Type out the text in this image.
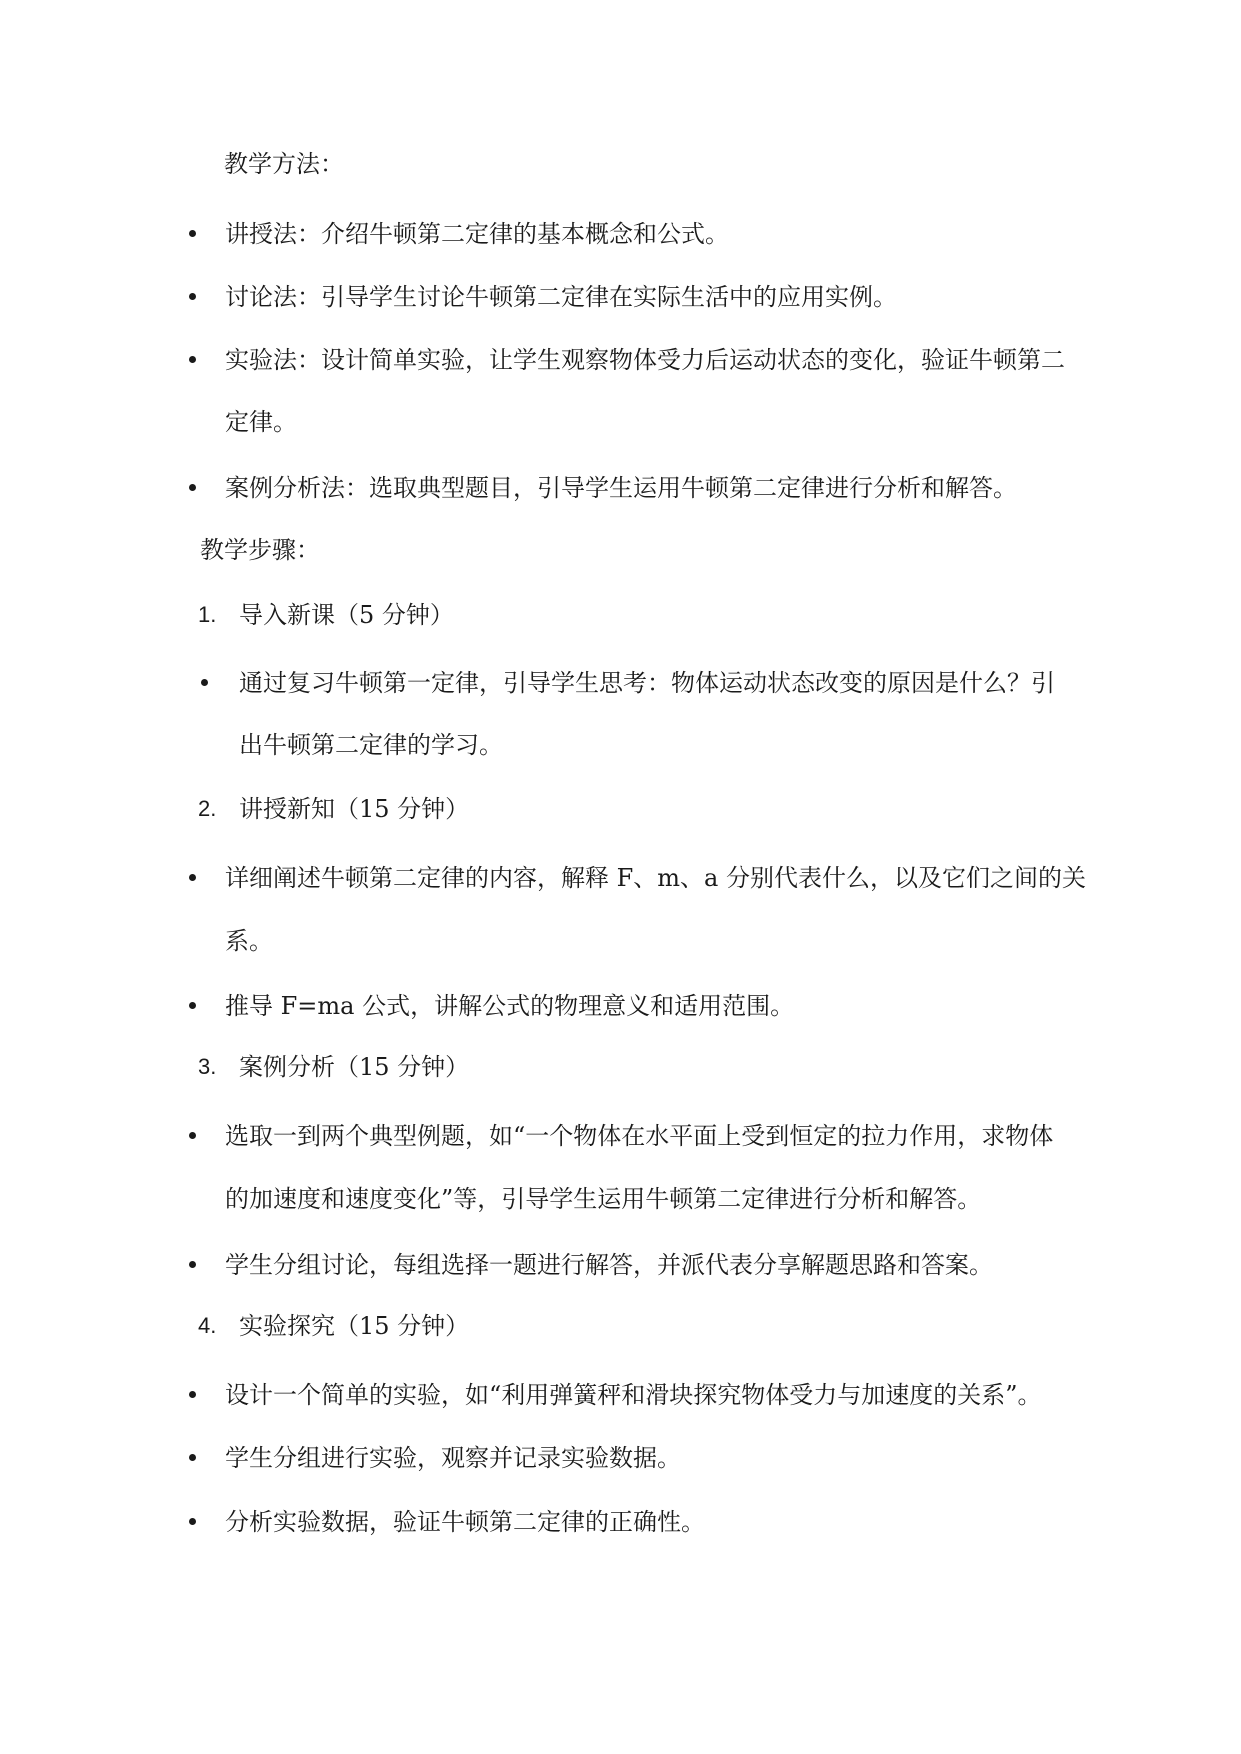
教学方法：
讲授法：介绍牛顿第二定律的基本概念和公式。
讨论法：引导学生讨论牛顿第二定律在实际生活中的应用实例。
实验法：设计简单实验，让学生观察物体受力后运动状态的变化，验证牛顿第二
定律。
案例分析法：选取典型题目，引导学生运用牛顿第二定律进行分析和解答。
教学步骤：
1. 导入新课（5 分钟）
通过复习牛顿第一定律，引导学生思考：物体运动状态改变的原因是什么？引
出牛顿第二定律的学习。
2. 讲授新知（15 分钟）
详细阐述牛顿第二定律的内容，解释 F、m、a 分别代表什么，以及它们之间的关
系。
推导 F=ma 公式，讲解公式的物理意义和适用范围。
3. 案例分析（15 分钟）
选取一到两个典型例题，如“一个物体在水平面上受到恒定的拉力作用，求物体
的加速度和速度变化”等，引导学生运用牛顿第二定律进行分析和解答。
学生分组讨论，每组选择一题进行解答，并派代表分享解题思路和答案。
4. 实验探究（15 分钟）
设计一个简单的实验，如“利用弹簧秤和滑块探究物体受力与加速度的关系”。
学生分组进行实验，观察并记录实验数据。
分析实验数据，验证牛顿第二定律的正确性。
